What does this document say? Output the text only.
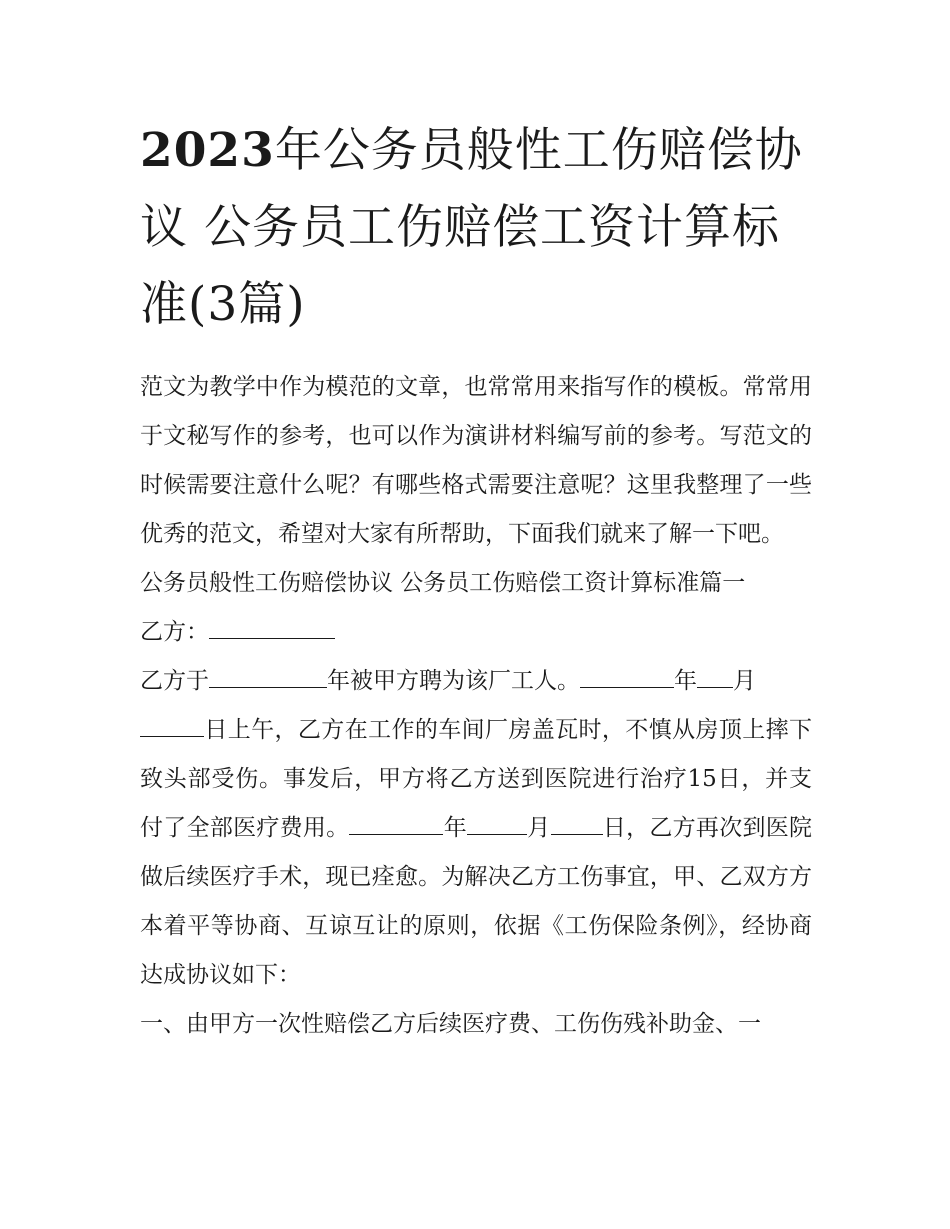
2023年公务员般性工伤赔偿协议 公务员工伤赔偿工资计算标准(3篇)

范文为教学中作为模范的文章，也常常用来指写作的模板。常常用于文秘写作的参考，也可以作为演讲材料编写前的参考。写范文的时候需要注意什么呢？有哪些格式需要注意呢？这里我整理了一些优秀的范文，希望对大家有所帮助，下面我们就来了解一下吧。

公务员般性工伤赔偿协议 公务员工伤赔偿工资计算标准篇一

乙方：

乙方于	年被甲方聘为该厂工人。	年 月

日上午，乙方在工作的车间厂房盖瓦时，不慎从房顶上摔下致头部受伤。事发后，甲方将乙方送到医院进行治疗15日，并支付了全部医疗费用。	年	月 日，乙方再次到医院做后续医疗手术，现已痊愈。为解决乙方工伤事宜，甲、乙双方方本着平等协商、互谅互让的原则，依据《工伤保险条例》，经协商达成协议如下：

一、由甲方一次性赔偿乙方后续医疗费、工伤伤残补助金、一
